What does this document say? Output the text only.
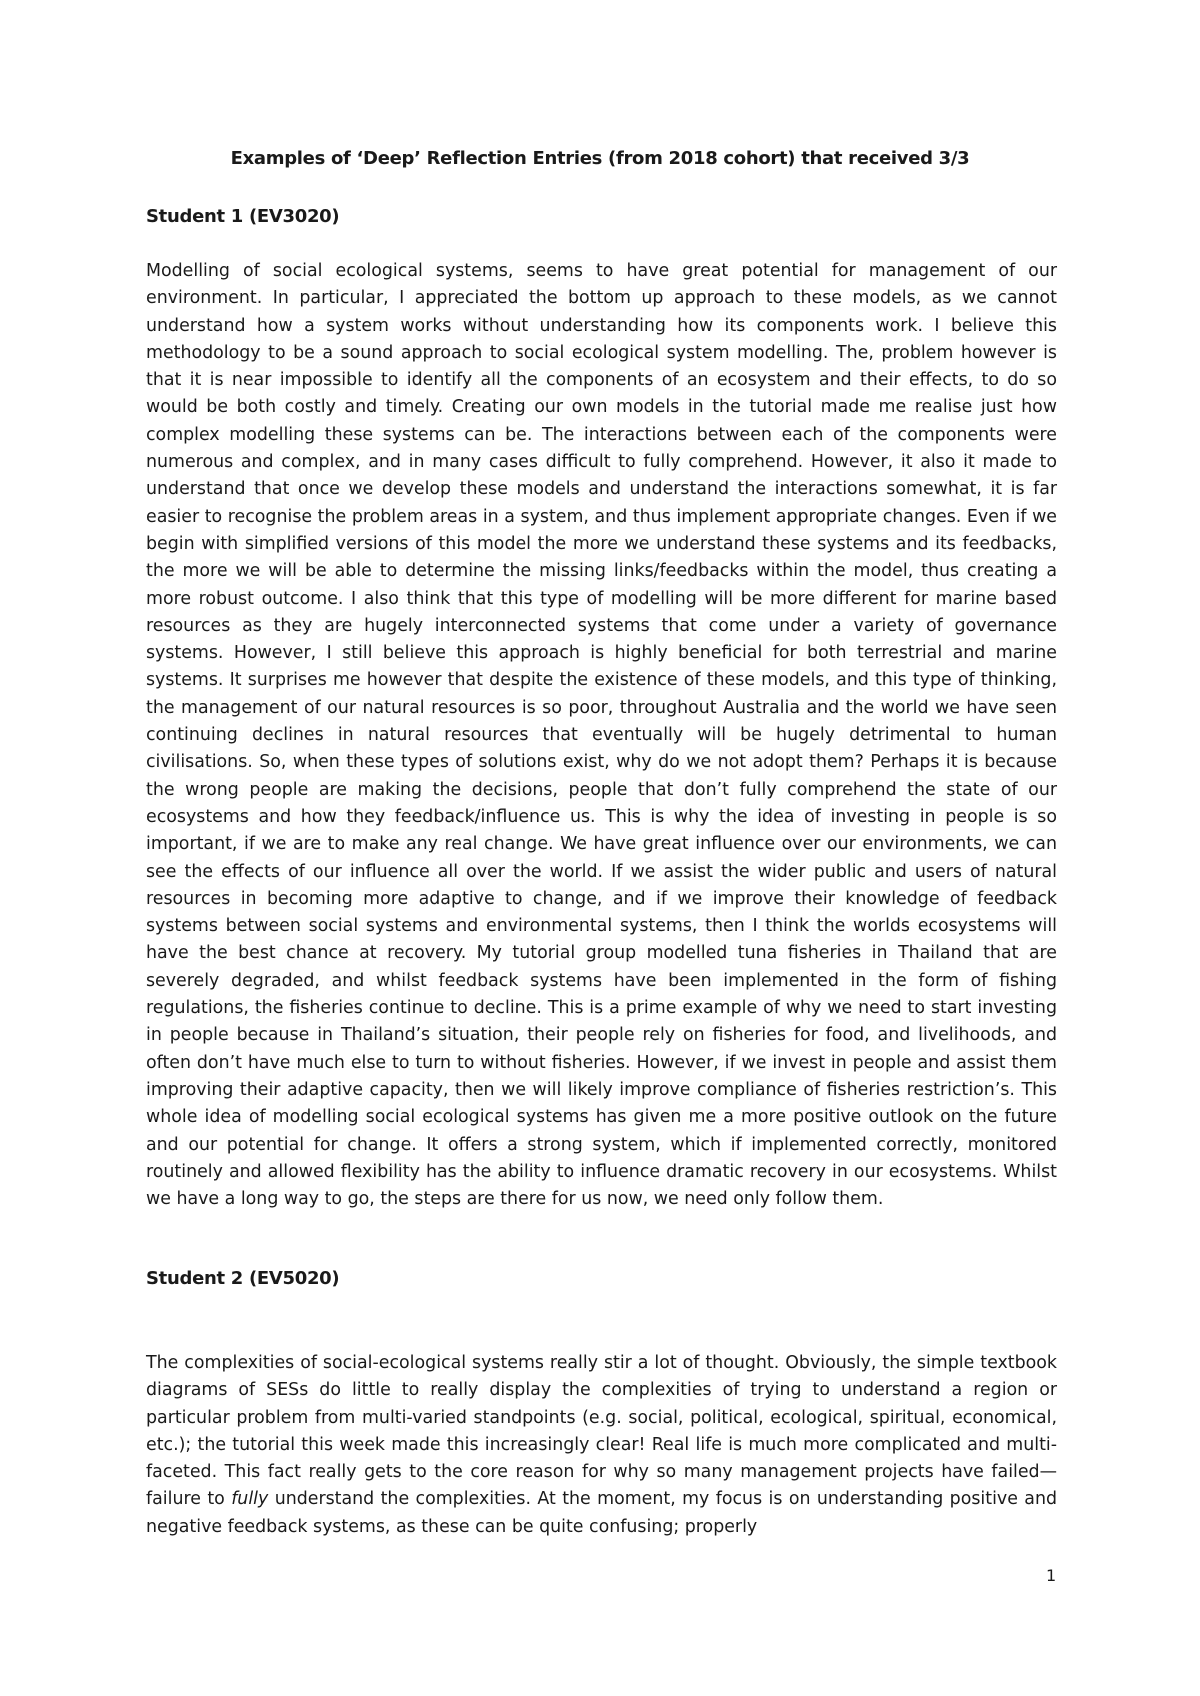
Examples of ‘Deep’ Reflection Entries (from 2018 cohort) that received 3/3
Student 1 (EV3020)

Modelling of social ecological systems, seems to have great potential for management of our environment. In particular, I appreciated the bottom up approach to these models, as we cannot understand how a system works without understanding how its components work. I believe this methodology to be a sound approach to social ecological system modelling. The, problem however is that it is near impossible to identify all the components of an ecosystem and their effects, to do so would be both costly and timely. Creating our own models in the tutorial made me realise just how complex modelling these systems can be. The interactions between each of the components were numerous and complex, and in many cases difficult to fully comprehend. However, it also it made to understand that once we develop these models and understand the interactions somewhat, it is far easier to recognise the problem areas in a system, and thus implement appropriate changes. Even if we begin with simplified versions of this model the more we understand these systems and its feedbacks, the more we will be able to determine the missing links/feedbacks within the model, thus creating a more robust outcome. I also think that this type of modelling will be more different for marine based resources as they are hugely interconnected systems that come under a variety of governance systems. However, I still believe this approach is highly beneficial for both terrestrial and marine systems. It surprises me however that despite the existence of these models, and this type of thinking, the management of our natural resources is so poor, throughout Australia and the world we have seen continuing declines in natural resources that eventually will be hugely detrimental to human civilisations. So, when these types of solutions exist, why do we not adopt them? Perhaps it is because the wrong people are making the decisions, people that don’t fully comprehend the state of our ecosystems and how they feedback/influence us. This is why the idea of investing in people is so important, if we are to make any real change. We have great influence over our environments, we can see the effects of our influence all over the world. If we assist the wider public and users of natural resources in becoming more adaptive to change, and if we improve their knowledge of feedback systems between social systems and environmental systems, then I think the worlds ecosystems will have the best chance at recovery. My tutorial group modelled tuna fisheries in Thailand that are severely degraded, and whilst feedback systems have been implemented in the form of fishing regulations, the fisheries continue to decline. This is a prime example of why we need to start investing in people because in Thailand’s situation, their people rely on fisheries for food, and livelihoods, and often don’t have much else to turn to without fisheries. However, if we invest in people and assist them improving their adaptive capacity, then we will likely improve compliance of fisheries restriction’s. This whole idea of modelling social ecological systems has given me a more positive outlook on the future and our potential for change. It offers a strong system, which if implemented correctly, monitored routinely and allowed flexibility has the ability to influence dramatic recovery in our ecosystems. Whilst we have a long way to go, the steps are there for us now, we need only follow them.

Student 2 (EV5020)

The complexities of social-ecological systems really stir a lot of thought. Obviously, the simple textbook diagrams of SESs do little to really display the complexities of trying to understand a region or particular problem from multi-varied standpoints (e.g. social, political, ecological, spiritual, economical, etc.); the tutorial this week made this increasingly clear! Real life is much more complicated and multi-faceted. This fact really gets to the core reason for why so many management projects have failed—failure to fully understand the complexities. At the moment, my focus is on understanding positive and negative feedback systems, as these can be quite confusing; properly

1
